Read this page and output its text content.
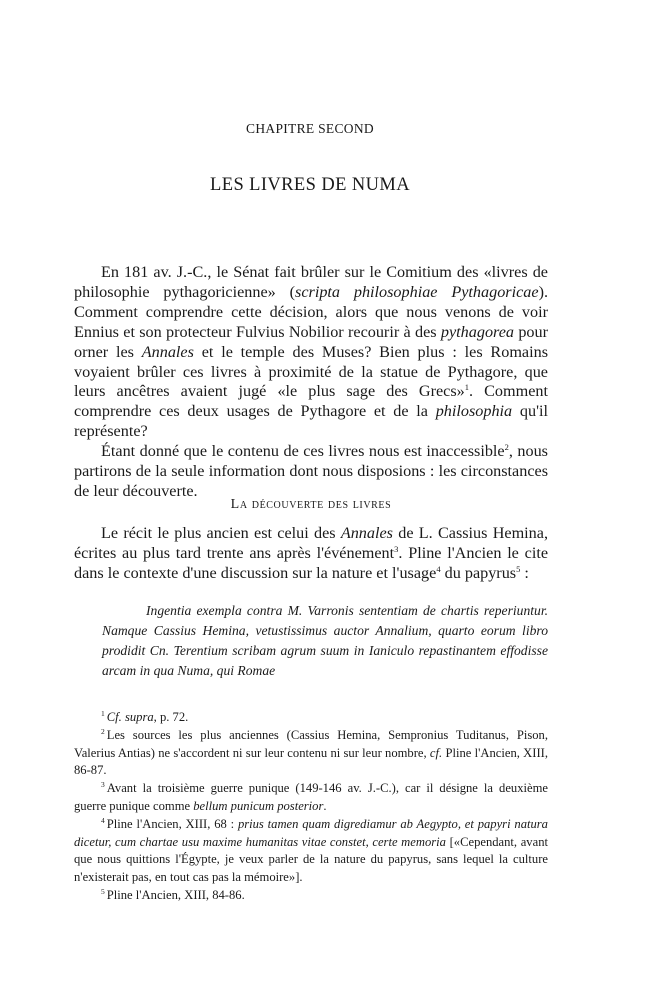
CHAPITRE SECOND
LES LIVRES DE NUMA

En 181 av. J.-C., le Sénat fait brûler sur le Comitium des «livres de philosophie pythagoricienne» (scripta philosophiae Pythagoricae). Comment comprendre cette décision, alors que nous venons de voir Ennius et son protecteur Fulvius Nobilior recourir à des pythagorea pour orner les Annales et le temple des Muses? Bien plus : les Romains voyaient brûler ces livres à proximité de la statue de Pythagore, que leurs ancêtres avaient jugé «le plus sage des Grecs»$^1$. Comment comprendre ces deux usages de Pythagore et de la philosophia qu'il représente?

Étant donné que le contenu de ces livres nous est inaccessible$^2$, nous partirons de la seule information dont nous disposions : les circonstances de leur découverte.

La découverte des livres

Le récit le plus ancien est celui des Annales de L. Cassius Hemina, écrites au plus tard trente ans après l'événement$^3$. Pline l'Ancien le cite dans le contexte d'une discussion sur la nature et l'usage$^4$ du papyrus$^5$ :

Ingentia exempla contra M. Varronis sententiam de chartis reperiuntur. Namque Cassius Hemina, vetustissimus auctor Annalium, quarto eorum libro prodidit Cn. Terentium scribam agrum suum in Ianiculo repastinantem effodisse arcam in qua Numa, qui Romae

$^1$ Cf. supra, p. 72.

$^2$ Les sources les plus anciennes (Cassius Hemina, Sempronius Tuditanus, Pison, Valerius Antias) ne s'accordent ni sur leur contenu ni sur leur nombre, cf. Pline l'Ancien, XIII, 86-87.

$^3$ Avant la troisième guerre punique (149-146 av. J.-C.), car il désigne la deuxième guerre punique comme bellum punicum posterior.

$^4$ Pline l'Ancien, XIII, 68 : prius tamen quam digrediamur ab Aegypto, et papyri natura dicetur, cum chartae usu maxime humanitas vitae constet, certe memoria [«Cependant, avant que nous quittions l'Égypte, je veux parler de la nature du papyrus, sans lequel la culture n'existerait pas, en tout cas pas la mémoire»].

$^5$ Pline l'Ancien, XIII, 84-86.
